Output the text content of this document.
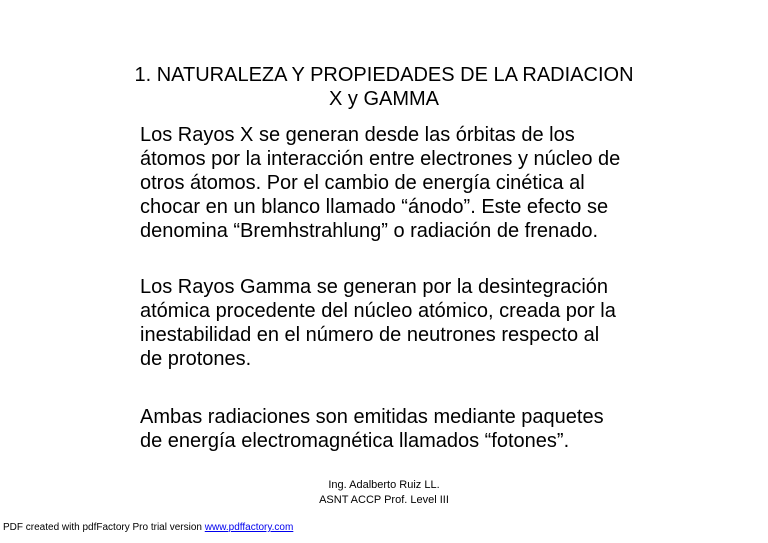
1. NATURALEZA Y PROPIEDADES DE LA RADIACION
X y GAMMA
Los Rayos X se generan desde las órbitas de los
átomos por la interacción entre electrones y núcleo de
otros átomos. Por el cambio de energía cinética al
chocar en un blanco llamado “ánodo”. Este efecto se
denomina “Bremhstrahlung” o radiación de frenado.
Los Rayos Gamma se generan por la desintegración
atómica procedente del núcleo atómico, creada por la
inestabilidad en el número de neutrones respecto al
de protones.
Ambas radiaciones son emitidas mediante paquetes
de energía electromagnética llamados “fotones”.
Ing. Adalberto Ruiz LL.
ASNT ACCP Prof. Level III
PDF created with pdfFactory Pro trial version www.pdffactory.com
